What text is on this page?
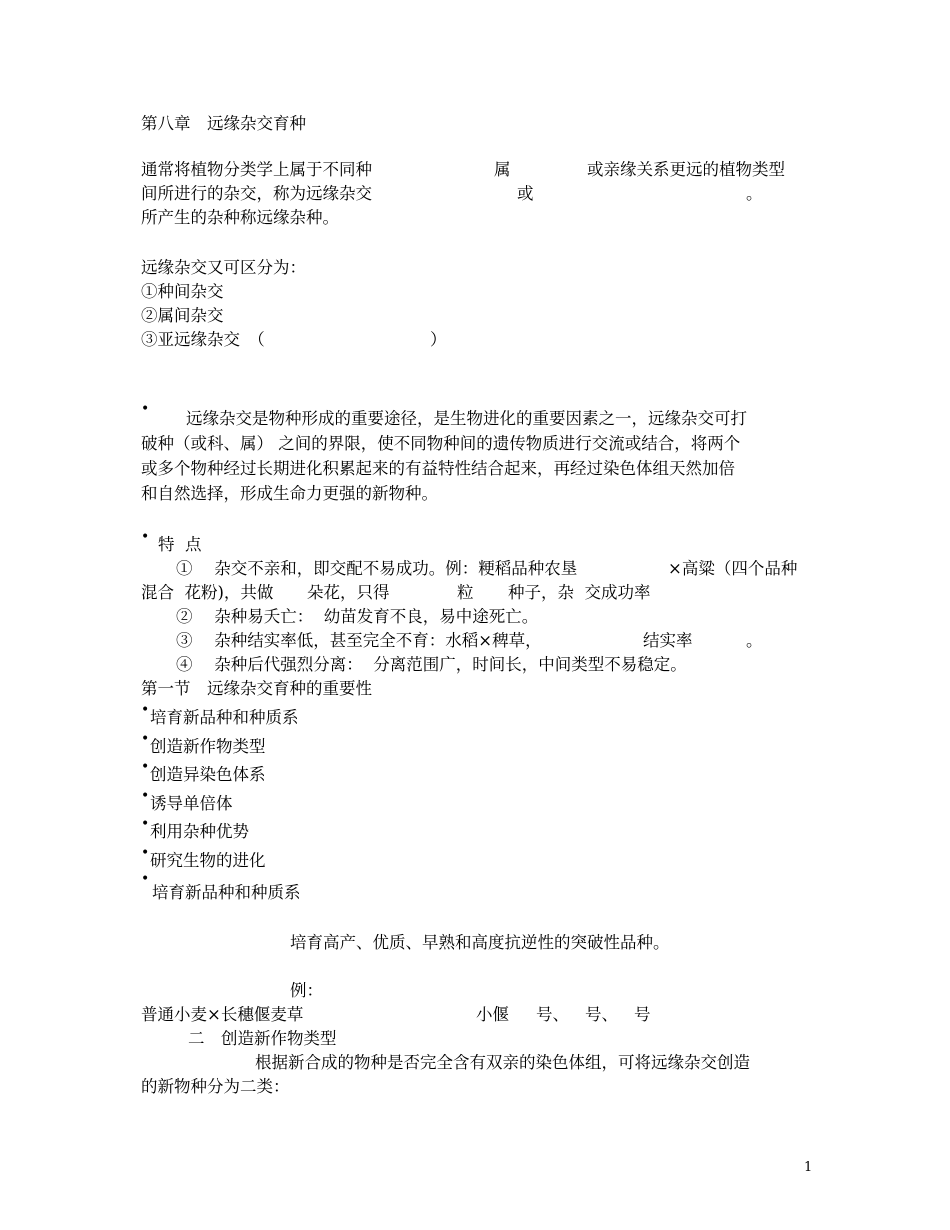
第八章　远缘杂交育种
通常将植物分类学上属于不同种	属	或亲缘关系更远的植物类型
间所进行的杂交，称为远缘杂交	或	。
所产生的杂种称远缘杂种。
远缘杂交又可区分为：
①种间杂交
②属间杂交
③亚远缘杂交　（	）
• 远缘杂交是物种形成的重要途径，是生物进化的重要因素之一，远缘杂交可打
破种（或科、属） 之间的界限，使不同物种间的遗传物质进行交流或结合，将两个
或多个物种经过长期进化积累起来的有益特性结合起来，再经过染色体组天然加倍
和自然选择，形成生命力更强的新物种。
• 特  点
①　 杂交不亲和，即交配不易成功。例：粳稻品种农垦	×高粱（四个品种
混合  花粉)，共做 朵花，只得	粒 种子，杂  交成功率
②　 杂种易夭亡：  幼苗发育不良，易中途死亡。
③　 杂种结实率低，甚至完全不育：水稻×稗草，	结实率	。
④　 杂种后代强烈分离：  分离范围广，时间长，中间类型不易稳定。
第一节　远缘杂交育种的重要性
• 培育新品种和种质系
• 创造新作物类型
• 创造异染色体系
• 诱导单倍体
• 利用杂种优势
• 研究生物的进化
•
培育新品种和种质系
培育高产、优质、早熟和高度抗逆性的突破性品种。
例：
普通小麦×长穗偃麦草	小偃 号、 号、 号
二　创造新作物类型
根据新合成的物种是否完全含有双亲的染色体组，可将远缘杂交创造
的新物种分为二类：
1
